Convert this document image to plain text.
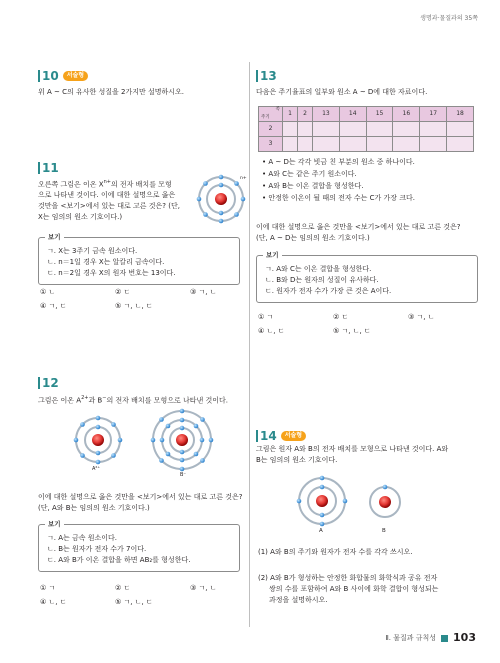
생명과·물질과의 35쪽
10	서술형
위 A ~ C의 유사한 성질을 2가지만 설명하시오.
11
오른쪽 그림은 이온 $X^{n+}$의 전자 배치를 모형
으로 나타낸 것이다. 이에 대한 설명으로 옳은
것만을 <보기>에서 있는 대로 고른 것은? (단,
X는 임의의 원소 기호이다.)
n+
보기
ㄱ. X는 3주기 금속 원소이다.
ㄴ. n＝1일 경우 X는 알칼리 금속이다.
ㄷ. n＝2일 경우 X의 원자 번호는 13이다.
① ㄴ	② ㄷ	③ ㄱ, ㄴ
④ ㄱ, ㄷ	⑤ ㄱ, ㄴ, ㄷ
12
그림은 이온 $A^{2+}$과 B−의 전자 배치를 모형으로 나타낸 것이다.
A²⁺
B⁻
이에 대한 설명으로 옳은 것만을 <보기>에서 있는 대로 고른 것은?
(단, A와 B는 임의의 원소 기호이다.)
보기
ㄱ. A는 금속 원소이다.
ㄴ. B는 원자가 전자 수가 7이다.
ㄷ. A와 B가 이온 결합을 하면 AB₂를 형성한다.
① ㄱ	② ㄷ	③ ㄱ, ㄴ
④ ㄴ, ㄷ	⑤ ㄱ, ㄴ, ㄷ
13
다음은 주기율표의 일부와 원소 A ~ D에 대한 자료이다.
족
주기	1	2	13	14	15	16	17	18
2								
3								
• A ~ D는 각각 빗금 친 부분의 원소 중 하나이다.
• A와 C는 같은 주기 원소이다.
• A와 B는 이온 결합을 형성한다.
• 안정한 이온이 될 때의 전자 수는 C가 가장 크다.
이에 대한 설명으로 옳은 것만을 <보기>에서 있는 대로 고른 것은?
(단, A ~ D는 임의의 원소 기호이다.)
보기
ㄱ. A와 C는 이온 결합을 형성한다.
ㄴ. B와 D는 원자의 성질이 유사하다.
ㄷ. 원자가 전자 수가 가장 큰 것은 A이다.
① ㄱ	② ㄷ	③ ㄱ, ㄴ
④ ㄴ, ㄷ	⑤ ㄱ, ㄴ, ㄷ
14	서술형
그림은 원자 A와 B의 전자 배치를 모형으로 나타낸 것이다. A와
B는 임의의 원소 기호이다.
A	B
(1) A와 B의 주기와 원자가 전자 수를 각각 쓰시오.
(2) A와 B가 형성하는 안정한 화합물의 화학식과 공유 전자
쌍의 수를 포함하여 A와 B 사이에 화학 결합이 형성되는
과정을 설명하시오.
Ⅱ. 물질과 규칙성 103
